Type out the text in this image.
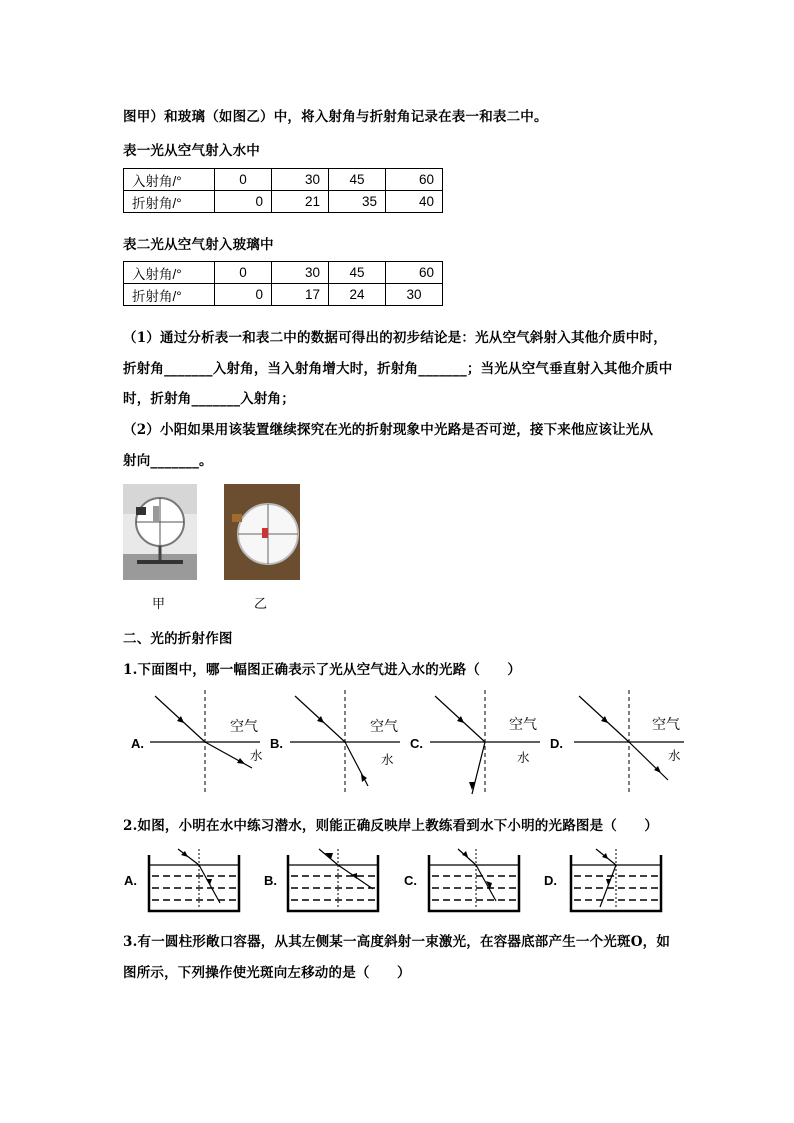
图甲）和玻璃（如图乙）中，将入射角与折射角记录在表一和表二中。
表一光从空气射入水中
入射角/°	0	30	45	60
折射角/°	0	21	35	40
表二光从空气射入玻璃中
入射角/°	0	30	45	60
折射角/°	0	17	24	30
（1）通过分析表一和表二中的数据可得出的初步结论是：光从空气斜射入其他介质中时，
折射角_______入射角，当入射角增大时，折射角_______；当光从空气垂直射入其他介质中
时，折射角_______入射角；
（2）小阳如果用该装置继续探究在光的折射现象中光路是否可逆，接下来他应该让光从
射向_______。
甲	乙
二、光的折射作图
1.下面图中，哪一幅图正确表示了光从空气进入水的光路（　　）
A.
空气
水
B.
空气
水
C.
空气
水
D.
空气
水
2.如图，小明在水中练习潜水，则能正确反映岸上教练看到水下小明的光路图是（　　）
A.	B.	C.	D.
3.有一圆柱形敞口容器，从其左侧某一高度斜射一束激光，在容器底部产生一个光斑O，如
图所示，下列操作使光斑向左移动的是（　　）
